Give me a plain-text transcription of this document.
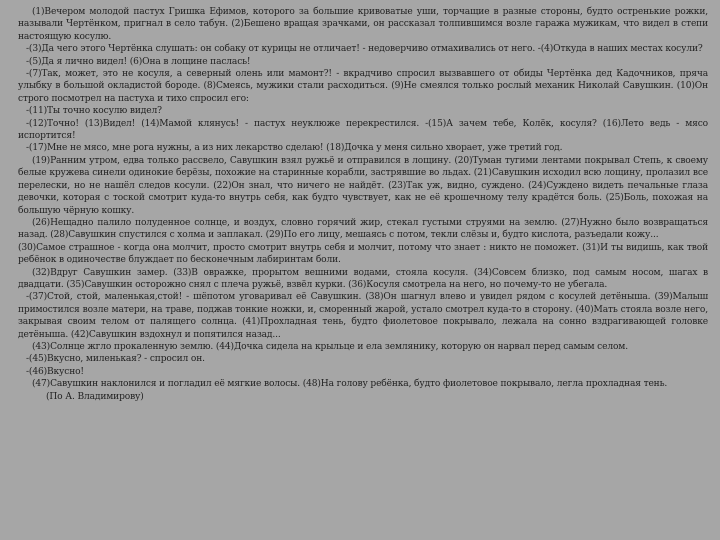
(1)Вечером молодой пастух Гришка Ефимов, которого за большие кривоватые уши, торчащие в разные стороны, будто остренькие рожки, называли Чертёнком, пригнал в село табун. (2)Бешено вращая зрачками, он рассказал толпившимся возле гаража мужикам, что видел в степи настоящую косулю.

-(3)Да чего этого Чертёнка слушать: он собаку от курицы не отличает! - недоверчиво отмахивались от него. -(4)Откуда в наших местах косули?

-(5)Да я лично видел! (6)Она в лощине паслась!

-(7)Так, может, это не косуля, а северный олень или мамонт?! - вкрадчиво спросил вызвавшего от обиды Чертёнка дед Кадочников, пряча улыбку в большой окладистой бороде. (8)Смеясь, мужики стали расходиться. (9)Не смеялся только рослый механик Николай Савушкин. (10)Он строго посмотрел на пастуха и тихо спросил его:

-(11)Ты точно косулю видел?

-(12)Точно! (13)Видел! (14)Мамой клянусь! - пастух неуклюже перекрестился. -(15)А зачем тебе, Колёк, косуля? (16)Лето ведь - мясо испортится!

-(17)Мне не мясо, мне рога нужны, а из них лекарство сделаю! (18)Дочка у меня сильно хворает, уже третий год.

(19)Ранним утром, едва только рассвело, Савушкин взял ружьё и отправился в лощину. (20)Туман тугими лентами покрывал Степь, к своему белые кружева синели одинокие берёзы, похожие на старинные корабли, застрявшие во льдах. (21)Савушкин исходил всю лощину, пролазил все перелески, но не нашёл следов косули. (22)Он знал, что ничего не найдёт. (23)Так уж, видно, суждено. (24)Суждено видеть печальные глаза девочки, которая с тоской смотрит куда-то внутрь себя, как будто чувствует, как не её крошечному телу крадётся боль. (25)Боль, похожая на большую чёрную кошку.

(26)Нещадно палило полуденное солнце, и воздух, словно горячий жир, стекал густыми струями на землю. (27)Нужно было возвращаться назад. (28)Савушкин спустился с холма и заплакал. (29)По его лицу, мешаясь с потом, текли слёзы и, будто кислота, разъедали кожу...

(30)Самое страшное - когда она молчит, просто смотрит внутрь себя и молчит, потому что знает : никто не поможет. (31)И ты видишь, как твой ребёнок в одиночестве блуждает по бесконечным лабиринтам боли.

(32)Вдруг Савушкин замер. (33)В овражке, прорытом вешними водами, стояла косуля. (34)Совсем близко, под самым носом, шагах в двадцати. (35)Савушкин осторожно снял с плеча ружьё, взвёл курки. (36)Косуля смотрела на него, но почему-то не убегала.

-(37)Стой, стой, маленькая,стой! - шёпотом уговаривал её Савушкин. (38)Он шагнул влево и увидел рядом с косулей детёныша. (39)Малыш примостился возле матери, на траве, поджав тонкие ножки, и, сморенный жарой, устало смотрел куда-то в сторону. (40)Мать стояла возле него, закрывая своим телом от палящего солнца. (41)Прохладная тень, будто фиолетовое покрывало, лежала на сонно вздрагивающей головке детёныша. (42)Савушкин вздохнул и попятился назад...

(43)Солнце жгло прокаленную землю. (44)Дочка сидела на крыльце и ела землянику, которую он нарвал перед самым селом.

-(45)Вкусно, миленькая? - спросил он.

-(46)Вкусно!

(47)Савушкин наклонился и погладил её мягкие волосы. (48)На голову ребёнка, будто фиолетовое покрывало, легла прохладная тень.(По А. Владимирову)
